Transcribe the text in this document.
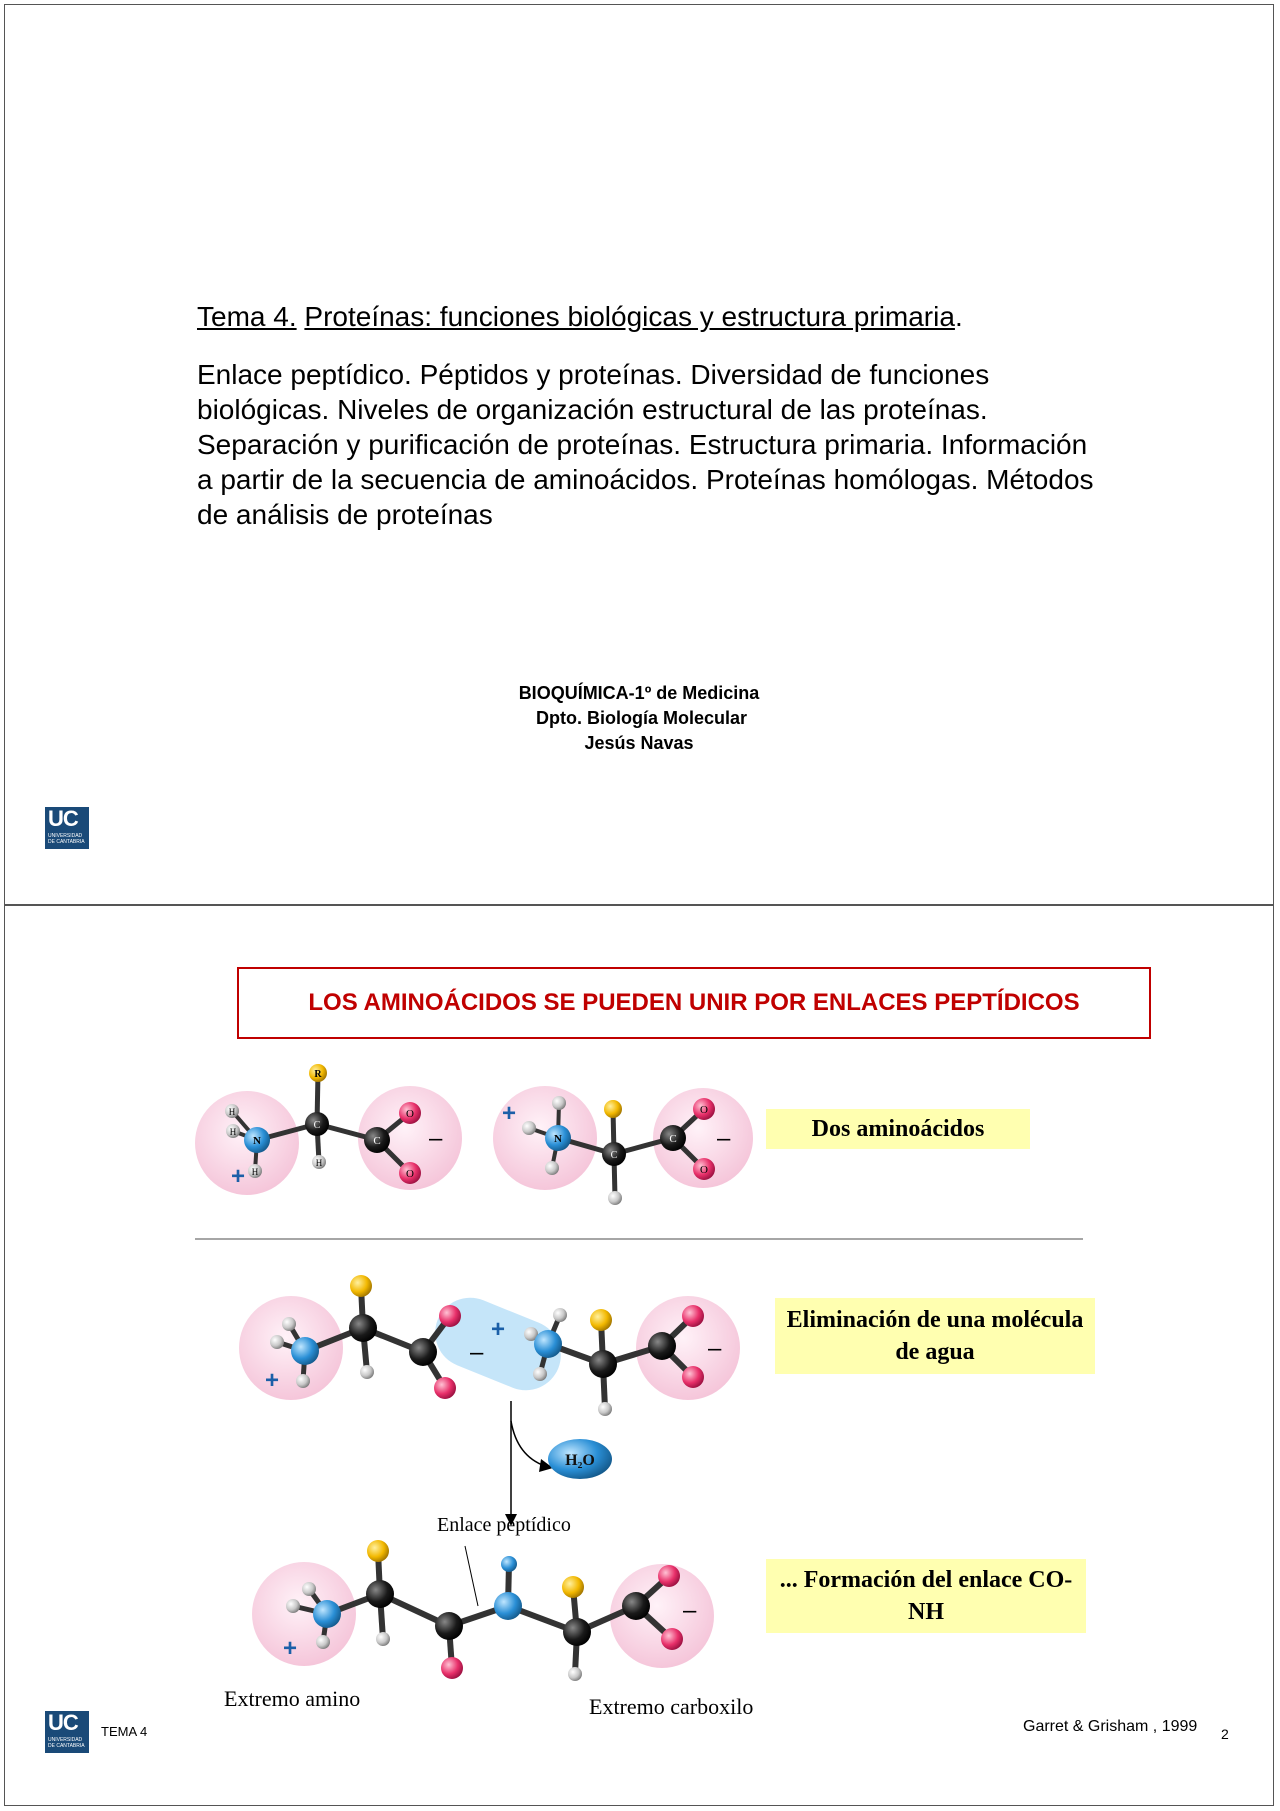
Tema 4. Proteínas: funciones biológicas y estructura primaria.
Enlace peptídico. Péptidos y proteínas. Diversidad de funciones biológicas. Niveles de organización estructural de las proteínas. Separación y purificación de proteínas. Estructura primaria. Información a partir de la secuencia de aminoácidos. Proteínas homólogas. Métodos de análisis de proteínas
BIOQUÍMICA-1º de Medicina
Dpto. Biología Molecular
Jesús Navas
UC
UNIVERSIDAD DE CANTABRIA
LOS AMINOÁCIDOS SE PUEDEN UNIR POR ENLACES PEPTÍDICOS
R
N
H
H
H
H
C
C
O
O
+
–	N
C
C
O
O
+
–
+
–
+
–
H₂O
+
–
Dos aminoácidos
Eliminación de una molécula de agua
... Formación del enlace CO-NH
Enlace peptídico
Extremo amino	Extremo carboxilo
UC
UNIVERSIDAD DE CANTABRIA
TEMA 4	Garret & Grisham , 1999 2
